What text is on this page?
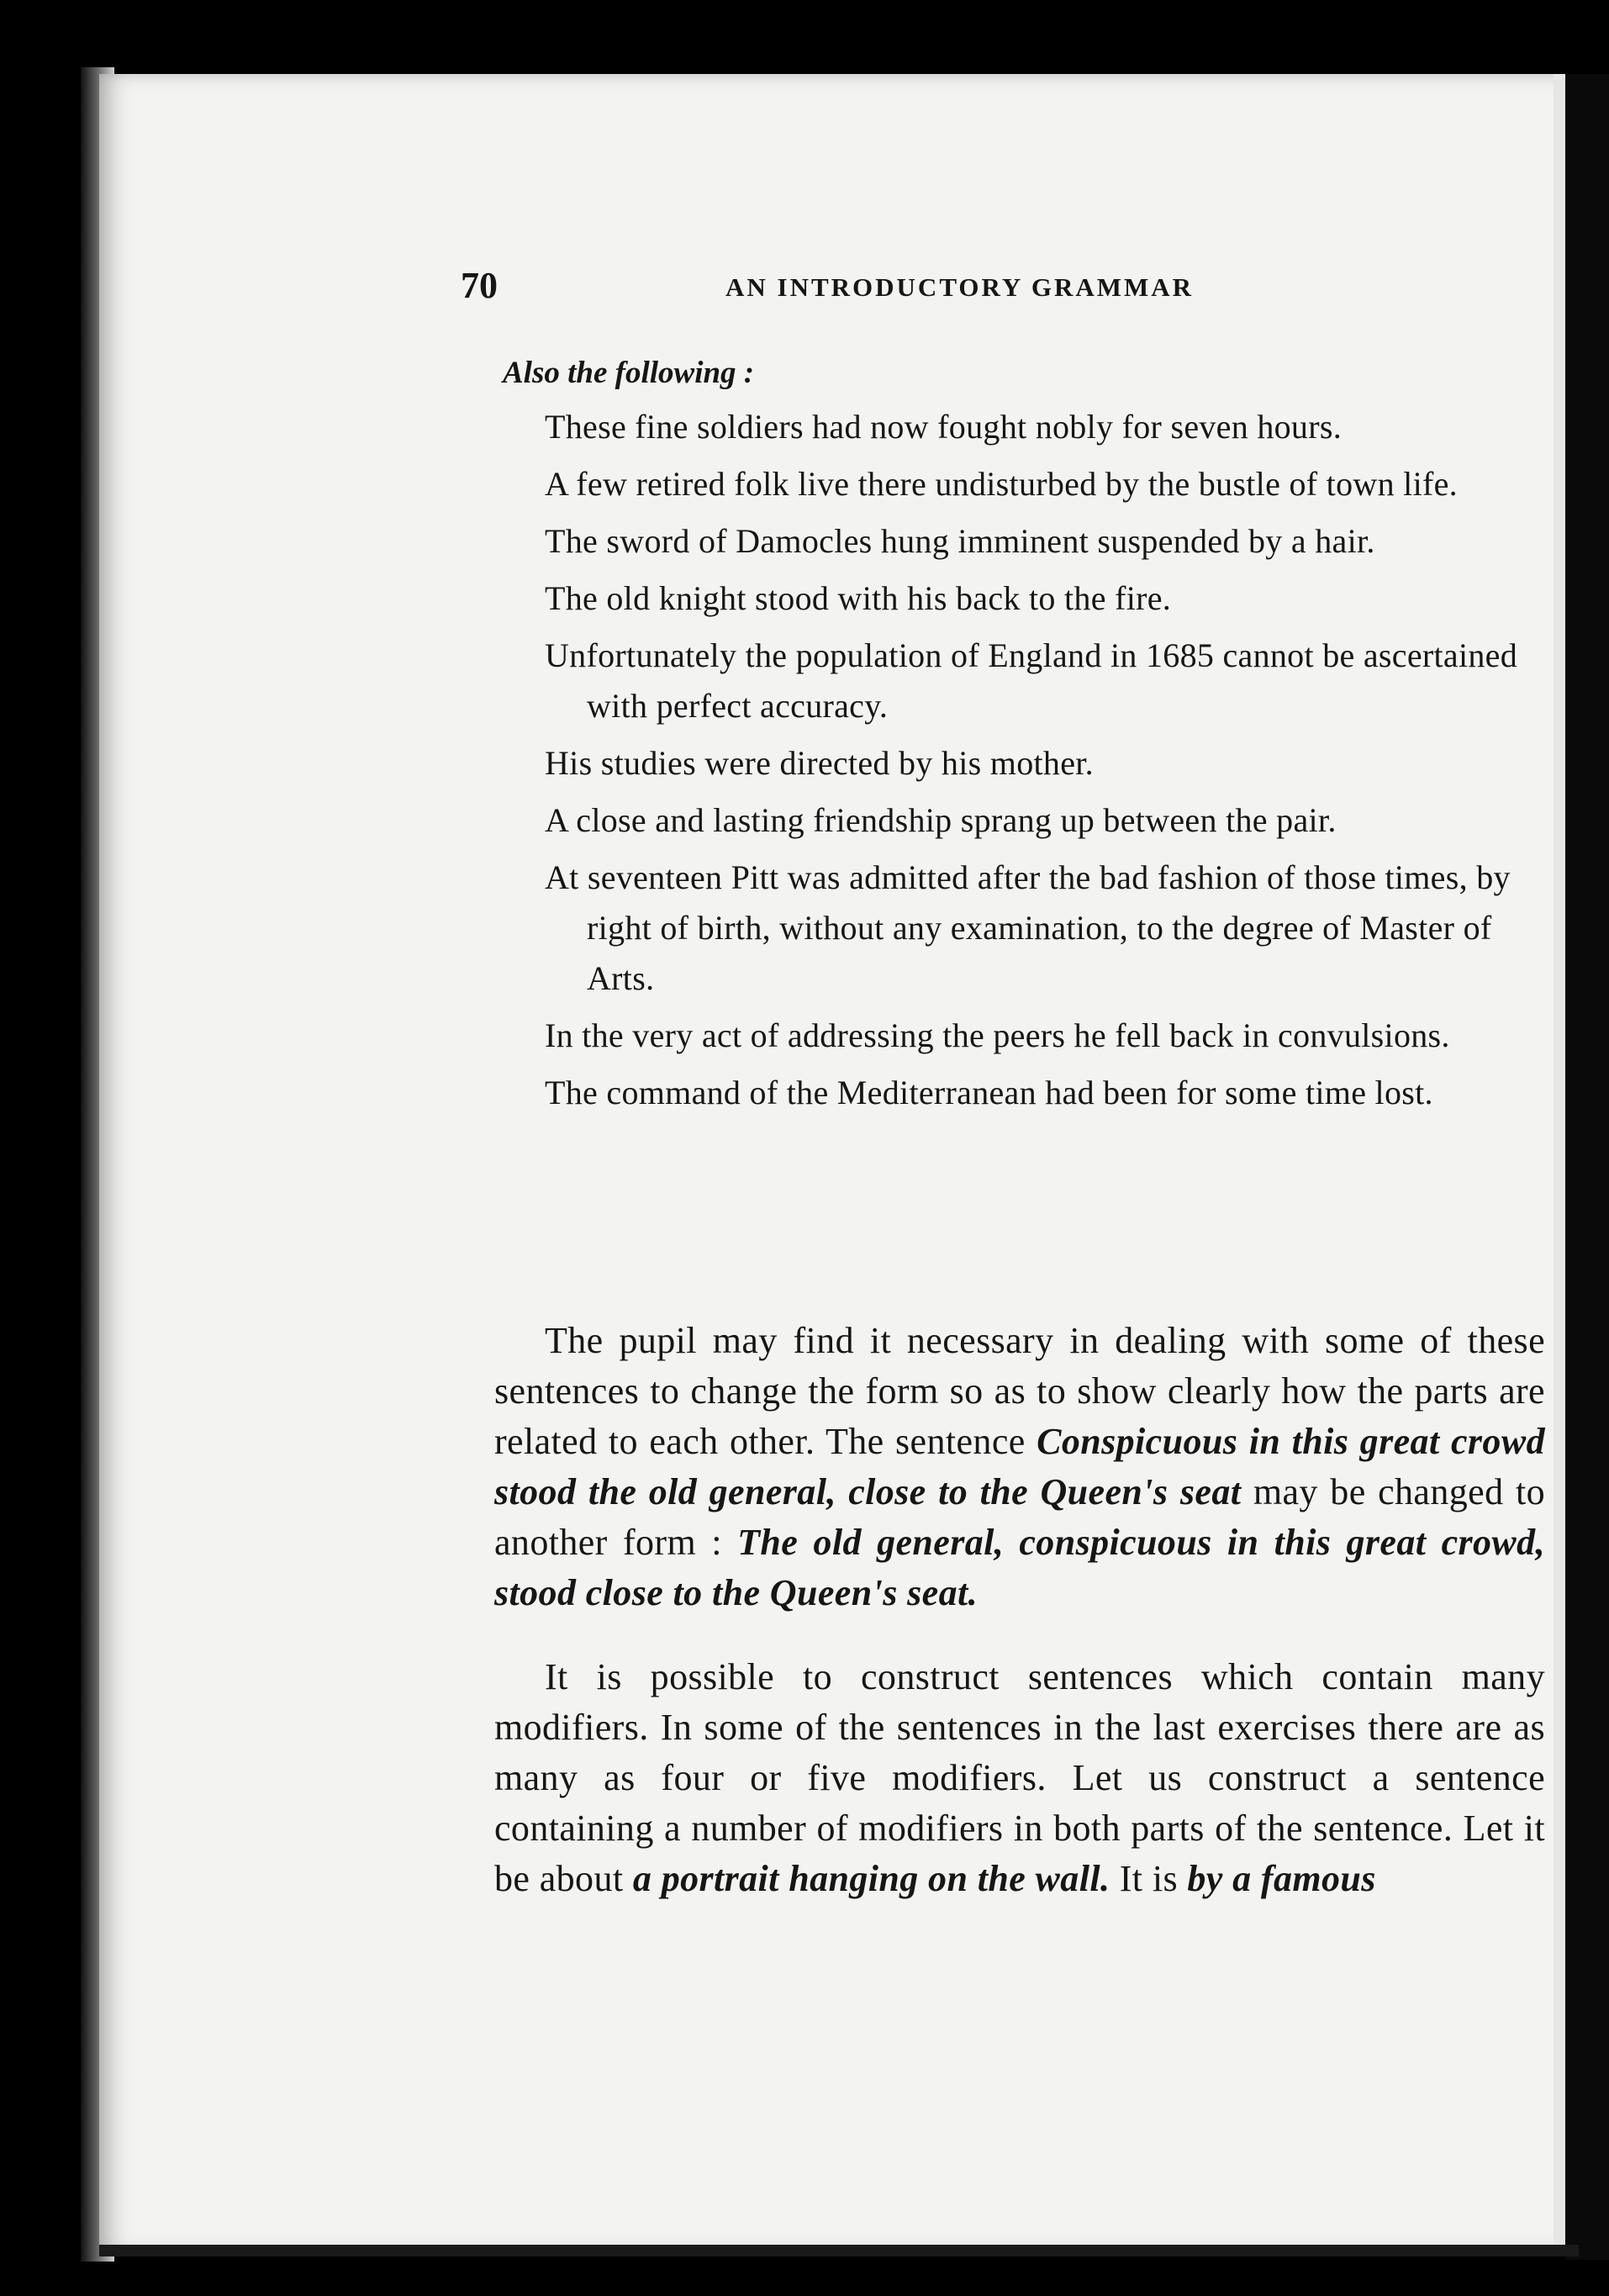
70	AN INTRODUCTORY GRAMMAR
Also the following :
These fine soldiers had now fought nobly for seven hours.
A few retired folk live there undisturbed by the bustle of town life.
The sword of Damocles hung imminent suspended by a hair.
The old knight stood with his back to the fire.
Unfortunately the population of England in 1685 cannot be ascertained with perfect accuracy.
His studies were directed by his mother.
A close and lasting friendship sprang up between the pair.
At seventeen Pitt was admitted after the bad fashion of those times, by right of birth, without any examination, to the degree of Master of Arts.
In the very act of addressing the peers he fell back in convulsions.
The command of the Mediterranean had been for some time lost.

The pupil may find it necessary in dealing with some of these sentences to change the form so as to show clearly how the parts are related to each other. The sentence Conspicuous in this great crowd stood the old general, close to the Queen's seat may be changed to another form : The old general, conspicuous in this great crowd, stood close to the Queen's seat.

It is possible to construct sentences which contain many modifiers. In some of the sentences in the last exercises there are as many as four or five modifiers. Let us construct a sentence containing a number of modifiers in both parts of the sentence. Let it be about a portrait hanging on the wall. It is by a famous
